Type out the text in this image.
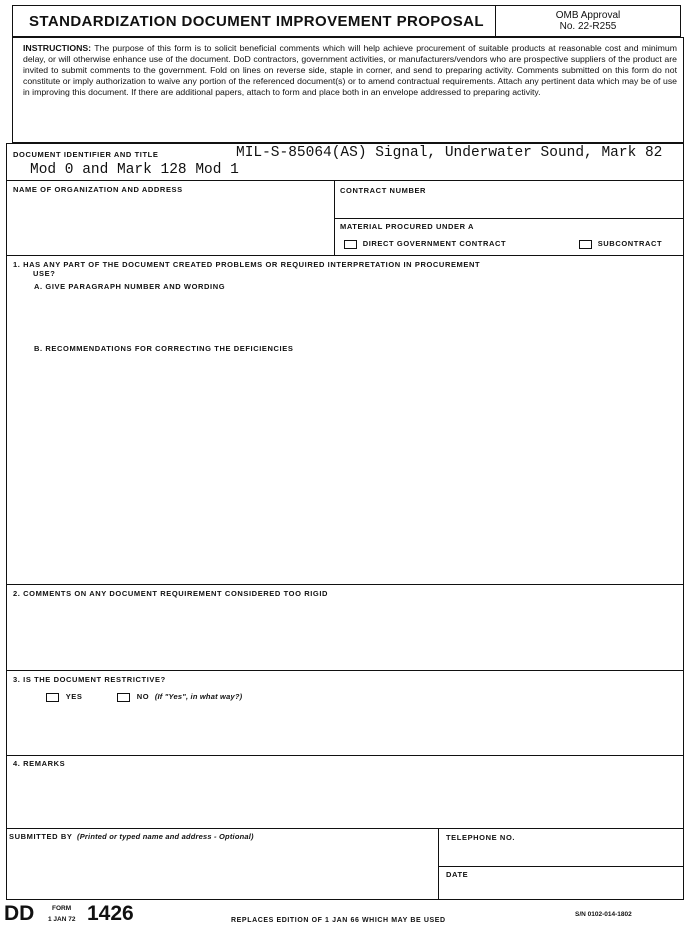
STANDARDIZATION DOCUMENT IMPROVEMENT PROPOSAL	OMB Approval
No. 22-R255
INSTRUCTIONS: The purpose of this form is to solicit beneficial comments which will help achieve procurement of suitable products at reasonable cost and minimum delay, or will otherwise enhance use of the document. DoD contractors, government activities, or manufacturers/vendors who are prospective suppliers of the product are invited to submit comments to the government. Fold on lines on reverse side, staple in corner, and send to preparing activity. Comments submitted on this form do not constitute or imply authorization to waive any portion of the referenced document(s) or to amend contractual requirements. Attach any pertinent data which may be of use in improving this document. If there are additional papers, attach to form and place both in an envelope addressed to preparing activity.
DOCUMENT IDENTIFIER AND TITLE	MIL-S-85064(AS) Signal, Underwater Sound, Mark 82
Mod 0 and Mark 128 Mod 1
NAME OF ORGANIZATION AND ADDRESS	CONTRACT NUMBER
MATERIAL PROCURED UNDER A
DIRECT GOVERNMENT CONTRACT	SUBCONTRACT
1. HAS ANY PART OF THE DOCUMENT CREATED PROBLEMS OR REQUIRED INTERPRETATION IN PROCUREMENT
USE?
A. GIVE PARAGRAPH NUMBER AND WORDING
B. RECOMMENDATIONS FOR CORRECTING THE DEFICIENCIES
2. COMMENTS ON ANY DOCUMENT REQUIREMENT CONSIDERED TOO RIGID
3. IS THE DOCUMENT RESTRICTIVE?
YES	NO (If "Yes", in what way?)
4. REMARKS
SUBMITTED BY (Printed or typed name and address - Optional)	TELEPHONE NO.
DATE
DD	FORM
1 JAN 72 1426	REPLACES EDITION OF 1 JAN 66 WHICH MAY BE USED
S/N 0102-014-1802
